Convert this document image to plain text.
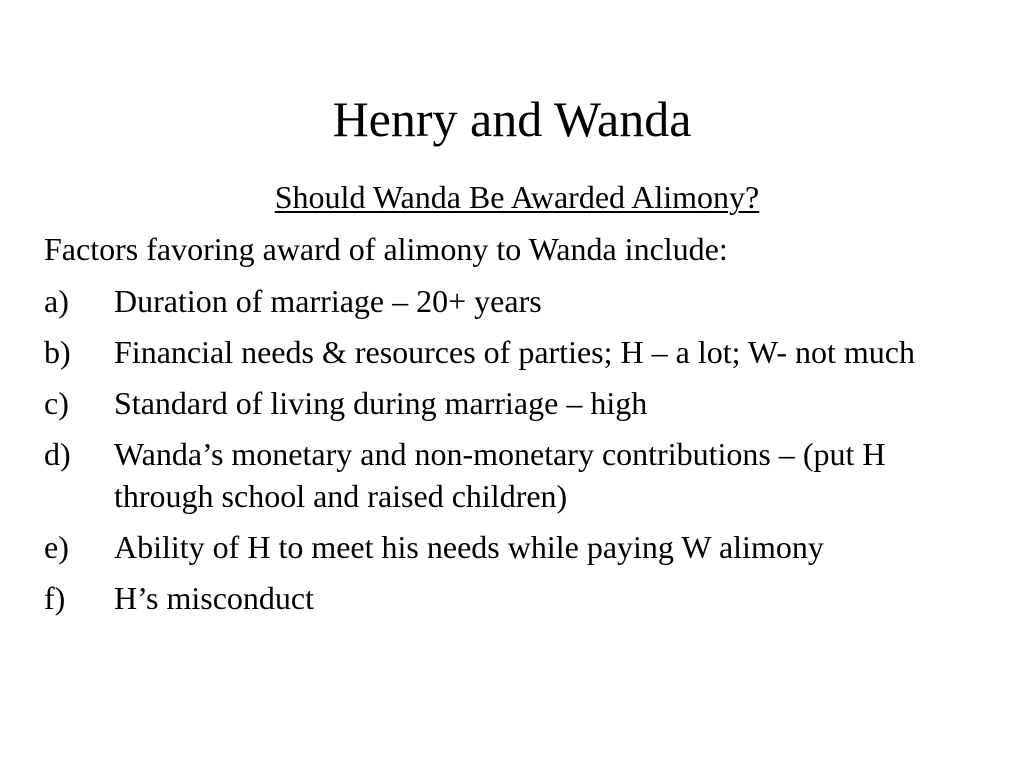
Henry and Wanda
Should Wanda Be Awarded Alimony?
Factors favoring award of alimony to Wanda include:
a)	Duration of marriage – 20+ years
b)	Financial needs & resources of parties; H – a lot; W- not much
c)	Standard of living during marriage – high
d)	Wanda’s monetary and non-monetary contributions – (put H through school and raised children)
e)	Ability of H to meet his needs while paying W alimony
f)	H’s misconduct
